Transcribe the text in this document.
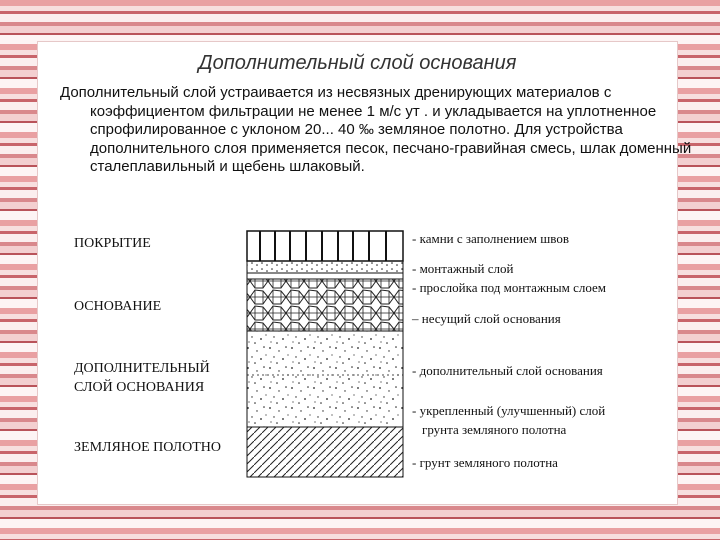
Дополнительный слой основания

Дополнительный слой устраивается из несвязных дренирующих материалов с коэффициентом фильтрации не менее 1 м/с ут . и укладывается на уплотненное спрофилированное с уклоном 20... 40 ‰ земляное полотно. Для устройства дополнительного слоя применяется песок, песчано-гравийная смесь, шлак доменный сталеплавильный и щебень шлаковый.

ПОКРЫТИЕ
ОСНОВАНИЕ
ДОПОЛНИТЕЛЬНЫЙ
СЛОЙ ОСНОВАНИЯ
ЗЕМЛЯНОЕ ПОЛОТНО
- камни с заполнением швов
- монтажный слой
- прослойка под монтажным слоем
– несущий слой основания
- дополнительный слой основания
- укрепленный (улучшенный) слой
грунта земляного полотна
- грунт земляного полотна
